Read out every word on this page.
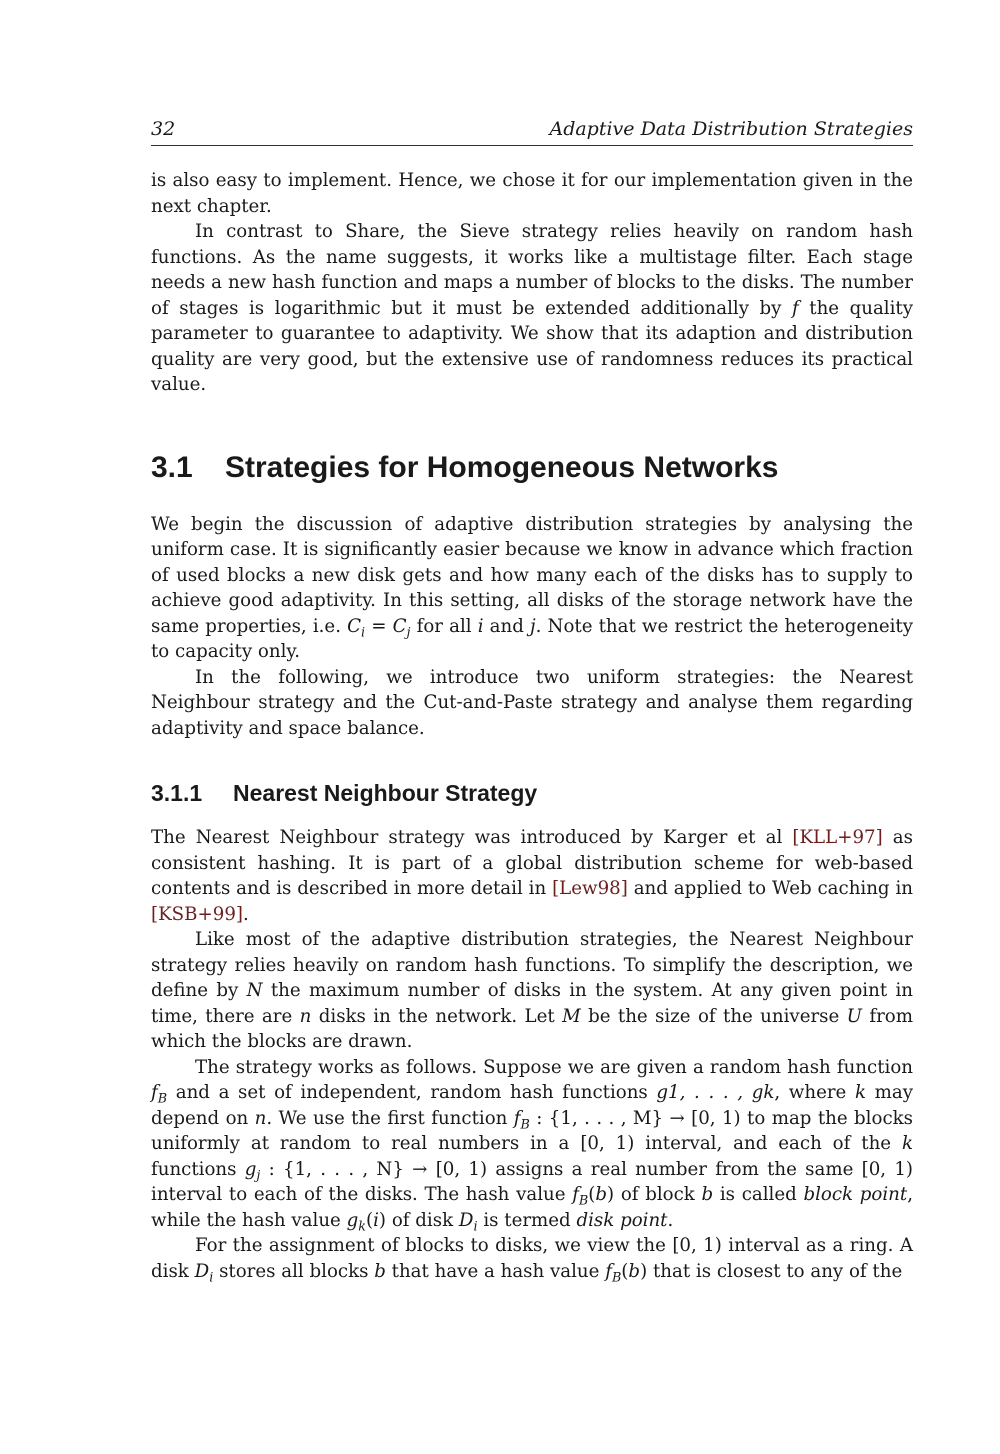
32	Adaptive Data Distribution Strategies

is also easy to implement. Hence, we chose it for our implementation given in the next chapter.

In contrast to Share, the Sieve strategy relies heavily on random hash functions. As the name suggests, it works like a multistage filter. Each stage needs a new hash function and maps a number of blocks to the disks. The number of stages is logarithmic but it must be extended additionally by f the quality parameter to guarantee to adaptivity. We show that its adaption and distribution quality are very good, but the extensive use of randomness reduces its practical value.

3.1 Strategies for Homogeneous Networks

We begin the discussion of adaptive distribution strategies by analysing the uniform case. It is significantly easier because we know in advance which fraction of used blocks a new disk gets and how many each of the disks has to supply to achieve good adaptivity. In this setting, all disks of the storage network have the same properties, i.e. $C_i = C_j$ for all i and j. Note that we restrict the heterogeneity to capacity only.

In the following, we introduce two uniform strategies: the Nearest Neighbour strategy and the Cut-and-Paste strategy and analyse them regarding adaptivity and space balance.

3.1.1 Nearest Neighbour Strategy

The Nearest Neighbour strategy was introduced by Karger et al [KLL+97] as consistent hashing. It is part of a global distribution scheme for web-based contents and is described in more detail in [Lew98] and applied to Web caching in [KSB+99].

Like most of the adaptive distribution strategies, the Nearest Neighbour strategy relies heavily on random hash functions. To simplify the description, we define by N the maximum number of disks in the system. At any given point in time, there are n disks in the network. Let M be the size of the universe U from which the blocks are drawn.

The strategy works as follows. Suppose we are given a random hash function $f_B$ and a set of independent, random hash functions g1, . . . , gk, where k may depend on n. We use the first function $f_B$ : {1, . . . , M} → [0, 1) to map the blocks uniformly at random to real numbers in a [0, 1) interval, and each of the k functions $g_j$ : {1, . . . , N} → [0, 1) assigns a real number from the same [0, 1) interval to each of the disks. The hash value $f_B(b)$ of block b is called block point, while the hash value $g_k(i)$ of disk $D_i$ is termed disk point.

For the assignment of blocks to disks, we view the [0, 1) interval as a ring. A disk $D_i$ stores all blocks b that have a hash value $f_B(b)$ that is closest to any of the
